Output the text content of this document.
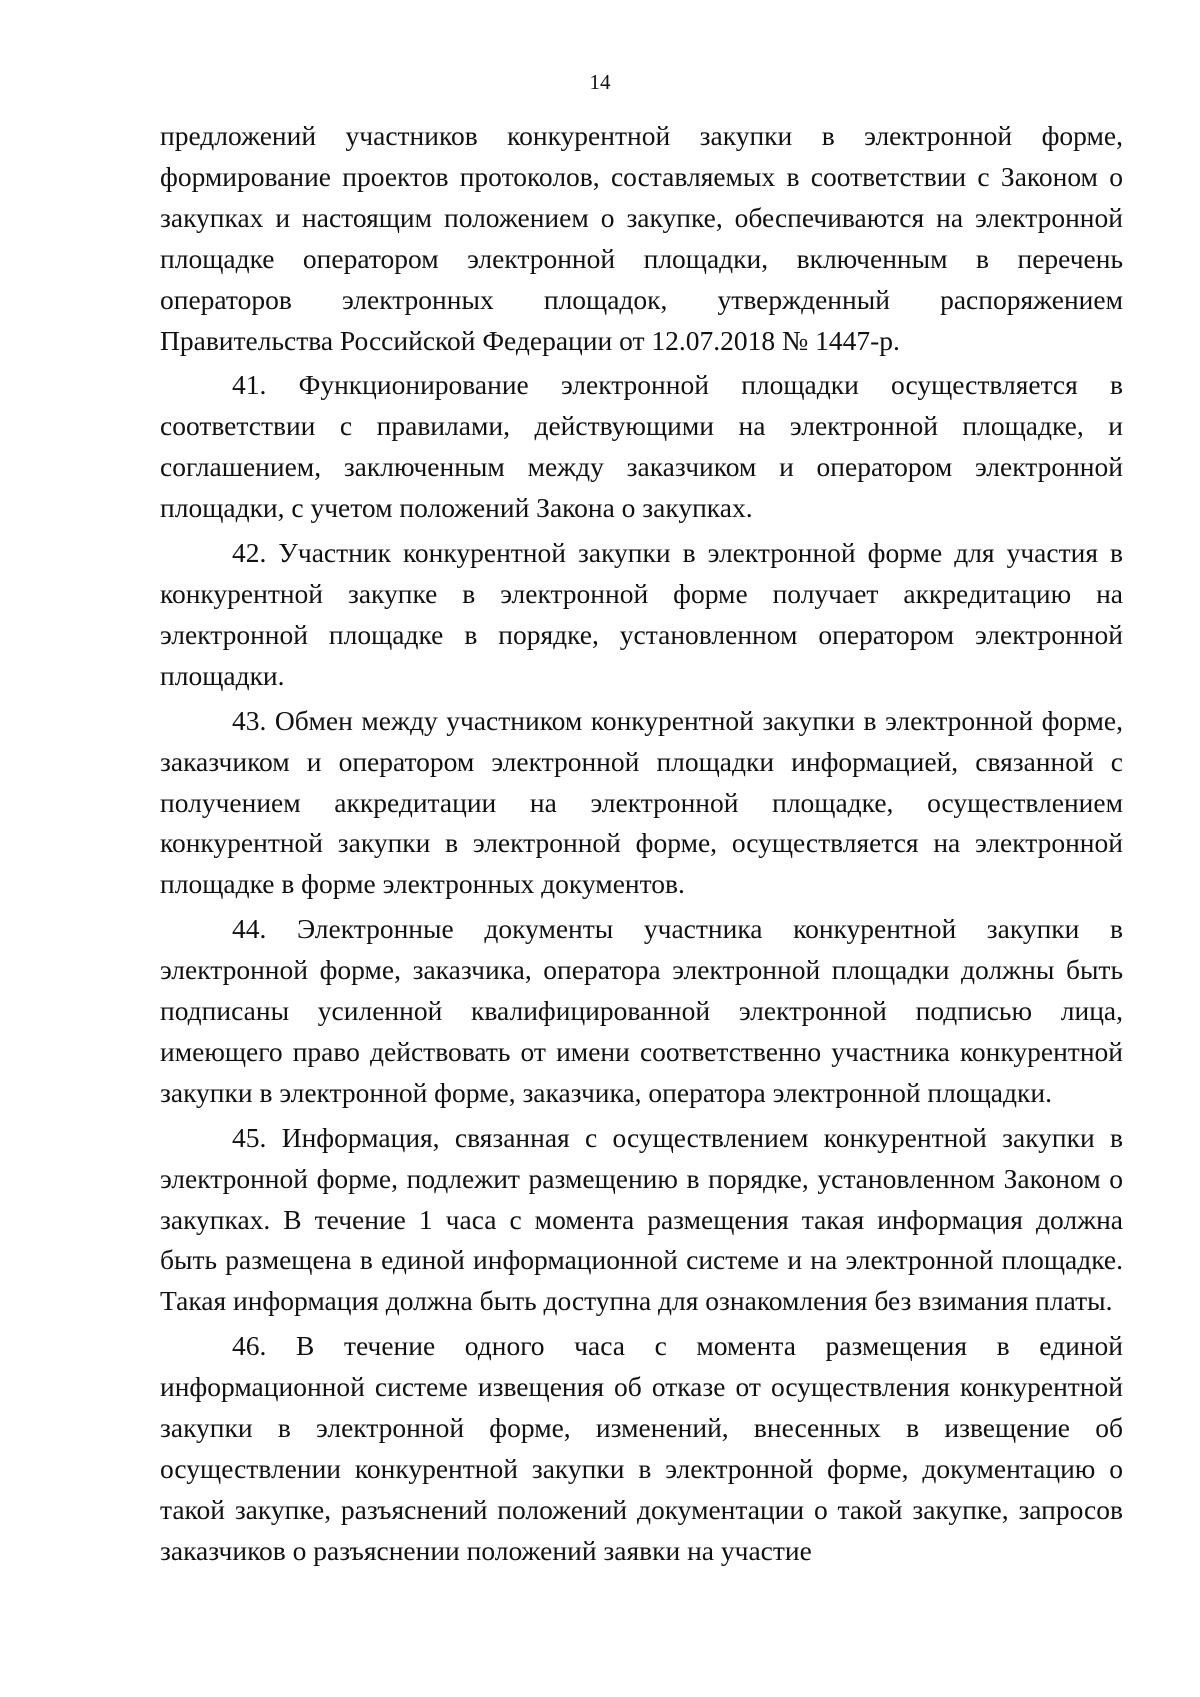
14

предложений участников конкурентной закупки в электронной форме, формирование проектов протоколов, составляемых в соответствии с Законом о закупках и настоящим положением о закупке, обеспечиваются на электронной площадке оператором электронной площадки, включенным в перечень операторов электронных площадок, утвержденный распоряжением Правительства Российской Федерации от 12.07.2018 № 1447-р.

41. Функционирование электронной площадки осуществляется в соответствии с правилами, действующими на электронной площадке, и соглашением, заключенным между заказчиком и оператором электронной площадки, с учетом положений Закона о закупках.

42. Участник конкурентной закупки в электронной форме для участия в конкурентной закупке в электронной форме получает аккредитацию на электронной площадке в порядке, установленном оператором электронной площадки.

43. Обмен между участником конкурентной закупки в электронной форме, заказчиком и оператором электронной площадки информацией, связанной с получением аккредитации на электронной площадке, осуществлением конкурентной закупки в электронной форме, осуществляется на электронной площадке в форме электронных документов.

44. Электронные документы участника конкурентной закупки в электронной форме, заказчика, оператора электронной площадки должны быть подписаны усиленной квалифицированной электронной подписью лица, имеющего право действовать от имени соответственно участника конкурентной закупки в электронной форме, заказчика, оператора электронной площадки.

45. Информация, связанная с осуществлением конкурентной закупки в электронной форме, подлежит размещению в порядке, установленном Законом о закупках. В течение 1 часа с момента размещения такая информация должна быть размещена в единой информационной системе и на электронной площадке. Такая информация должна быть доступна для ознакомления без взимания платы.

46. В течение одного часа с момента размещения в единой информационной системе извещения об отказе от осуществления конкурентной закупки в электронной форме, изменений, внесенных в извещение об осуществлении конкурентной закупки в электронной форме, документацию о такой закупке, разъяснений положений документации о такой закупке, запросов заказчиков о разъяснении положений заявки на участие
